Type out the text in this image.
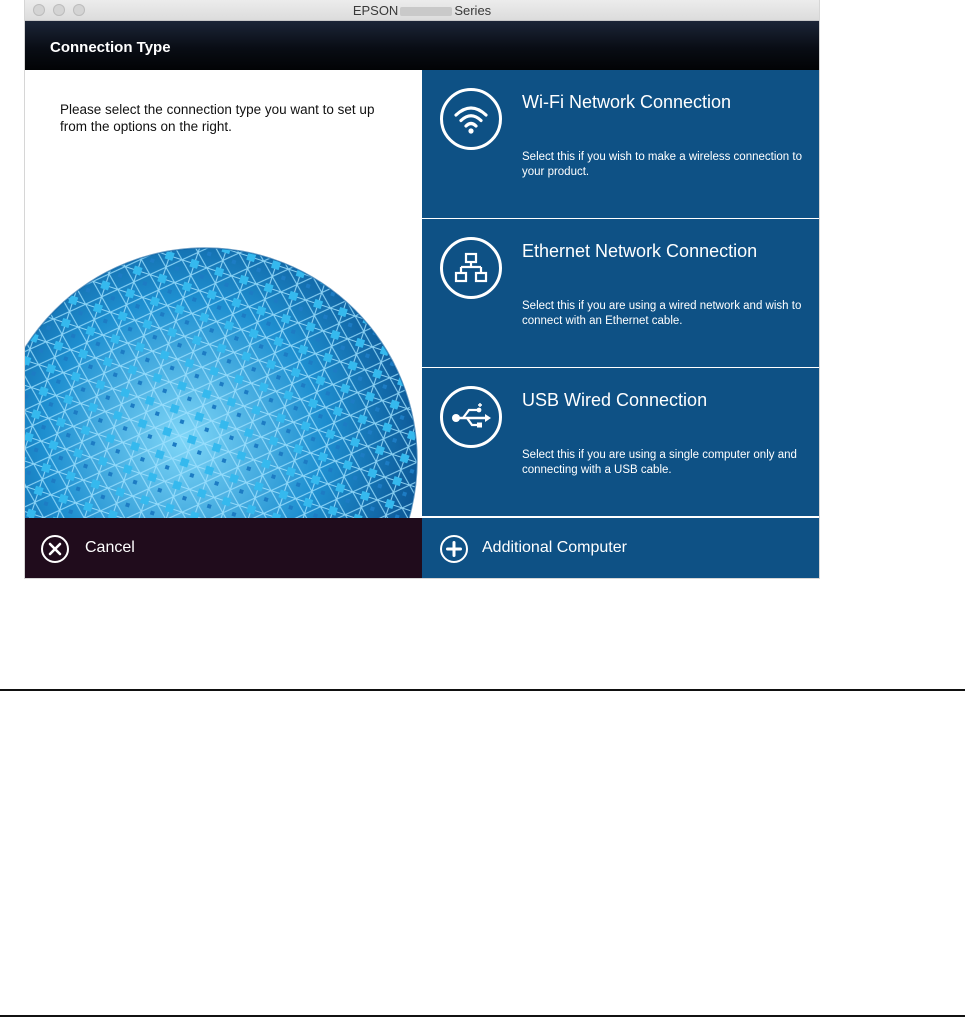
EPSON	Series
Connection Type
Please select the connection type you want to set up from the options on the right.
Wi-Fi Network Connection
Select this if you wish to make a wireless connection to your product.
Ethernet Network Connection
Select this if you are using a wired network and wish to connect with an Ethernet cable.
USB Wired Connection
Select this if you are using a single computer only and connecting with a USB cable.
Cancel	Additional Computer
